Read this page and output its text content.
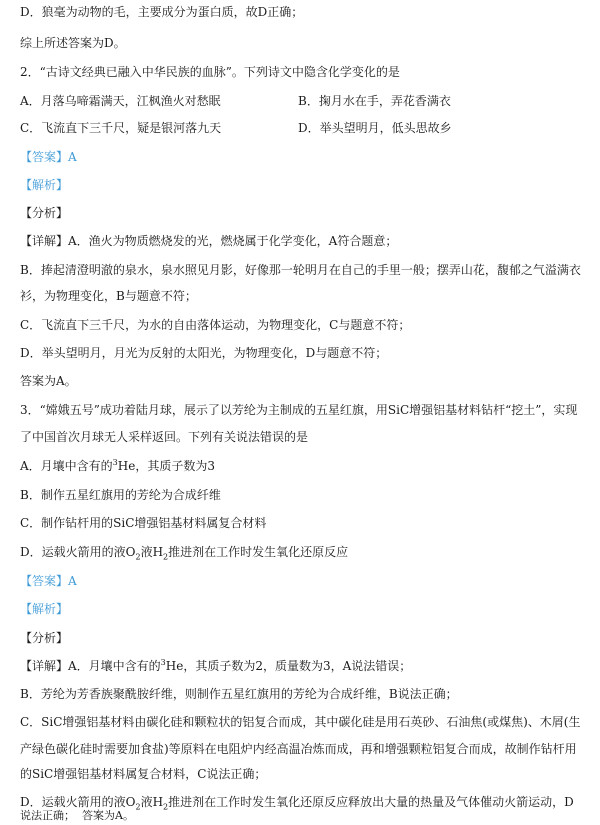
D．狼毫为动物的毛，主要成分为蛋白质，故D正确；
综上所述答案为D。
2．“古诗文经典已融入中华民族的血脉”。下列诗文中隐含化学变化的是
A．月落乌啼霜满天，江枫渔火对愁眠	B．掬月水在手，弄花香满衣
C．飞流直下三千尺，疑是银河落九天	D．举头望明月，低头思故乡
【答案】A
【解析】
【分析】
【详解】A．渔火为物质燃烧发的光，燃烧属于化学变化，A符合题意；
B．捧起清澄明澈的泉水，泉水照见月影，好像那一轮明月在自己的手里一般；摆弄山花，馥郁之气溢满衣
衫，为物理变化，B与题意不符；
C．飞流直下三千尺，为水的自由落体运动，为物理变化，C与题意不符；
D．举头望明月，月光为反射的太阳光，为物理变化，D与题意不符；
答案为A。
3．“嫦娥五号”成功着陆月球，展示了以芳纶为主制成的五星红旗，用SiC增强铝基材料钻杆“挖土”，实现
了中国首次月球无人采样返回。下列有关说法错误的是
A．月壤中含有的$^3$He，其质子数为3
B．制作五星红旗用的芳纶为合成纤维
C．制作钻杆用的SiC增强铝基材料属复合材料
D．运载火箭用的液$O_2$液$H_2$推进剂在工作时发生氧化还原反应
【答案】A
【解析】
【分析】
【详解】A．月壤中含有的$^3$He，其质子数为2，质量数为3，A说法错误；
B．芳纶为芳香族聚酰胺纤维，则制作五星红旗用的芳纶为合成纤维，B说法正确；
C．SiC增强铝基材料由碳化硅和颗粒状的铝复合而成，其中碳化硅是用石英砂、石油焦(或煤焦)、木屑(生
产绿色碳化硅时需要加食盐)等原料在电阻炉内经高温冶炼而成，再和增强颗粒铝复合而成，故制作钻杆用
的SiC增强铝基材料属复合材料，C说法正确；
D．运载火箭用的液$O_2$液$H_2$推进剂在工作时发生氧化还原反应释放出大量的热量及气体催动火箭运动，D
说法正确； 答案为A。
